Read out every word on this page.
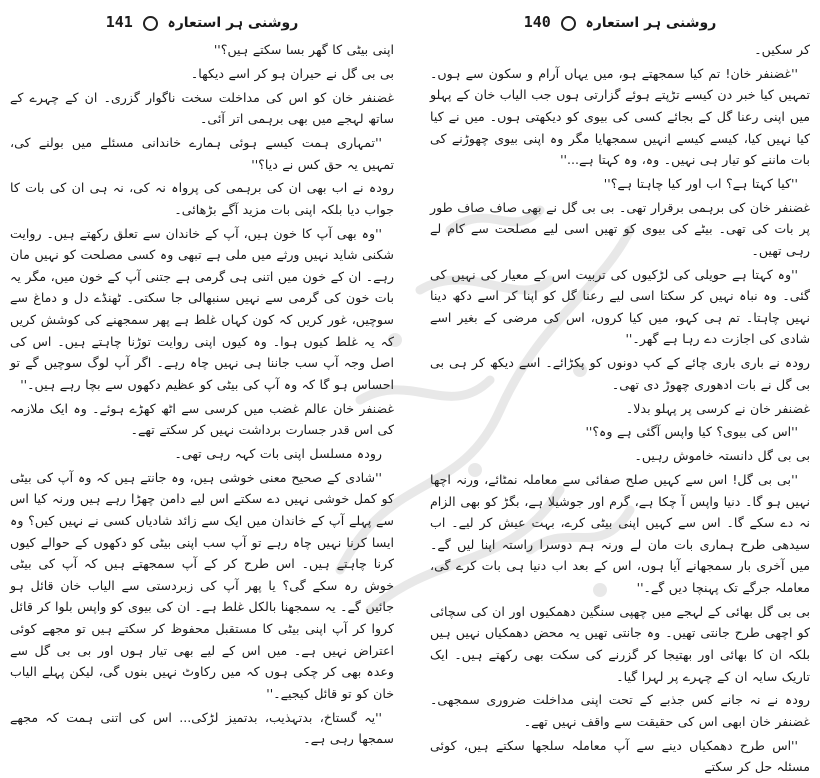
روشنی ہر استعارہ  141

اپنی بیٹی کا گھر بسا سکتے ہیں؟''

بی بی گل نے حیران ہو کر اسے دیکھا۔

غضنفر خان کو اس کی مداخلت سخت ناگوار گزری۔ ان کے چہرے کے ساتھ لہجے میں بھی برہمی اتر آئی۔

''تمہاری ہمت کیسے ہوئی ہمارے خاندانی مسئلے میں بولنے کی، تمہیں یہ حق کس نے دیا؟''

رودہ نے اب بھی ان کی برہمی کی پرواہ نہ کی، نہ ہی ان کی بات کا جواب دیا بلکہ اپنی بات مزید آگے بڑھائی۔

''وہ بھی آپ کا خون ہیں، آپ کے خاندان سے تعلق رکھتے ہیں۔ روایت شکنی شاید نہیں ورثے میں ملی ہے تبھی وہ کسی مصلحت کو نہیں مان رہے۔ ان کے خون میں اتنی ہی گرمی ہے جتنی آپ کے خون میں، مگر یہ بات خون کی گرمی سے نہیں سنبھالی جا سکتی۔ ٹھنڈے دل و دماغ سے سوچیں، غور کریں کہ کون کہاں غلط ہے پھر سمجھنے کی کوشش کریں کہ یہ غلط کیوں ہوا۔ وہ کیوں اپنی روایت توڑنا چاہتے ہیں۔ اس کی اصل وجہ آپ سب جاننا ہی نہیں چاہ رہے۔ اگر آپ لوگ سوچیں گے تو احساس ہو گا کہ وہ آپ کی بیٹی کو عظیم دکھوں سے بچا رہے ہیں۔''

غضنفر خان عالم غضب میں کرسی سے اٹھ کھڑے ہوئے۔ وہ ایک ملازمہ کی اس قدر جسارت برداشت نہیں کر سکتے تھے۔

رودہ مسلسل اپنی بات کہہ رہی تھی۔

''شادی کے صحیح معنی خوشی ہیں، وہ جانتے ہیں کہ وہ آپ کی بیٹی کو کمل خوشی نہیں دے سکتے اس لیے دامن چھڑا رہے ہیں ورنہ کیا اس سے پہلے آپ کے خاندان میں ایک سے زائد شادیاں کسی نے نہیں کیں؟ وہ ایسا کرنا نہیں چاہ رہے تو آپ سب اپنی بیٹی کو دکھوں کے حوالے کیوں کرنا چاہتے ہیں۔ اس طرح کر کے آپ سمجھتے ہیں کہ آپ کی بیٹی خوش رہ سکے گی؟ یا پھر آپ کی زبردستی سے الیاب خان قائل ہو جائیں گے۔ یہ سمجھنا بالکل غلط ہے۔ ان کی بیوی کو واپس بلوا کر قائل کروا کر آپ اپنی بیٹی کا مستقبل محفوظ کر سکتے ہیں تو مجھے کوئی اعتراض نہیں ہے۔ میں اس کے لیے بھی تیار ہوں اور بی بی گل سے وعدہ بھی کر چکی ہوں کہ میں رکاوٹ نہیں بنوں گی، لیکن پہلے الیاب خان کو تو قائل کیجیے۔''

''یہ گستاخ، بدتہذیب، بدتمیز لڑکی... اس کی اتنی ہمت کہ مجھے سمجھا رہی ہے۔

روشنی ہر استعارہ  140

کر سکیں۔

''غضنفر خان! تم کیا سمجھتے ہو، میں یہاں آرام و سکون سے ہوں۔ تمہیں کیا خبر دن کیسے تڑپتے ہوئے گزارتی ہوں جب الیاب خان کے پہلو میں اپنی رعنا گل کے بجائے کسی کی بیوی کو دیکھتی ہوں۔ میں نے کیا کیا نہیں کیا، کیسے کیسے انہیں سمجھایا مگر وہ اپنی بیوی چھوڑنے کی بات ماننے کو تیار ہی نہیں۔ وہ، وہ کہتا ہے...''

''کیا کہتا ہے؟ اب اور کیا چاہتا ہے؟''

غضنفر خان کی برہمی برقرار تھی۔ بی بی گل نے بھی صاف صاف طور پر بات کی تھی۔ بیٹے کی بیوی کو تھیں اسی لیے مصلحت سے کام لے رہی تھیں۔

''وہ کہتا ہے حویلی کی لڑکیوں کی تربیت اس کے معیار کی نہیں کی گئی۔ وہ نباہ نہیں کر سکتا اسی لیے رعنا گل کو اپنا کر اسے دکھ دینا نہیں چاہتا۔ تم ہی کہو، میں کیا کروں، اس کی مرضی کے بغیر اسے شادی کی اجازت دے رہا ہے گھر۔''

رودہ نے باری باری چائے کے کپ دونوں کو پکڑائے۔ اسے دیکھ کر ہی بی بی گل نے بات ادھوری چھوڑ دی تھی۔

غضنفر خان نے کرسی پر پہلو بدلا۔

''اس کی بیوی؟ کیا واپس آگئی ہے وہ؟''

بی بی گل دانستہ خاموش رہیں۔

''بی بی گل! اس سے کہیں صلح صفائی سے معاملہ نمٹائے، ورنہ اچھا نہیں ہو گا۔ دنیا واپس آ چکا ہے، گرم اور جوشیلا ہے، بگڑ کو بھی الزام نہ دے سکے گا۔ اس سے کہیں اپنی بیٹی کرے، بہت عیش کر لیے۔ اب سیدھی طرح ہماری بات مان لے ورنہ ہم دوسرا راستہ اپنا لیں گے۔ میں آخری بار سمجھانے آیا ہوں، اس کے بعد اب دنیا ہی بات کرے گی، معاملہ جرگے تک پہنچا دیں گے۔''

بی بی گل بھائی کے لہجے میں چھپی سنگین دھمکیوں اور ان کی سچائی کو اچھی طرح جانتی تھیں۔ وہ جانتی تھیں یہ محض دھمکیاں نہیں ہیں بلکہ ان کا بھائی اور بھتیجا کر گزرنے کی سکت بھی رکھتے ہیں۔ ایک تاریک سایہ ان کے چہرے پر لہرا گیا۔

رودہ نے نہ جانے کس جذبے کے تحت اپنی مداخلت ضروری سمجھی۔ غضنفر خان ابھی اس کی حقیقت سے واقف نہیں تھے۔

''اس طرح دھمکیاں دینے سے آپ معاملہ سلجھا سکتے ہیں، کوئی مسئلہ حل کر سکتے
